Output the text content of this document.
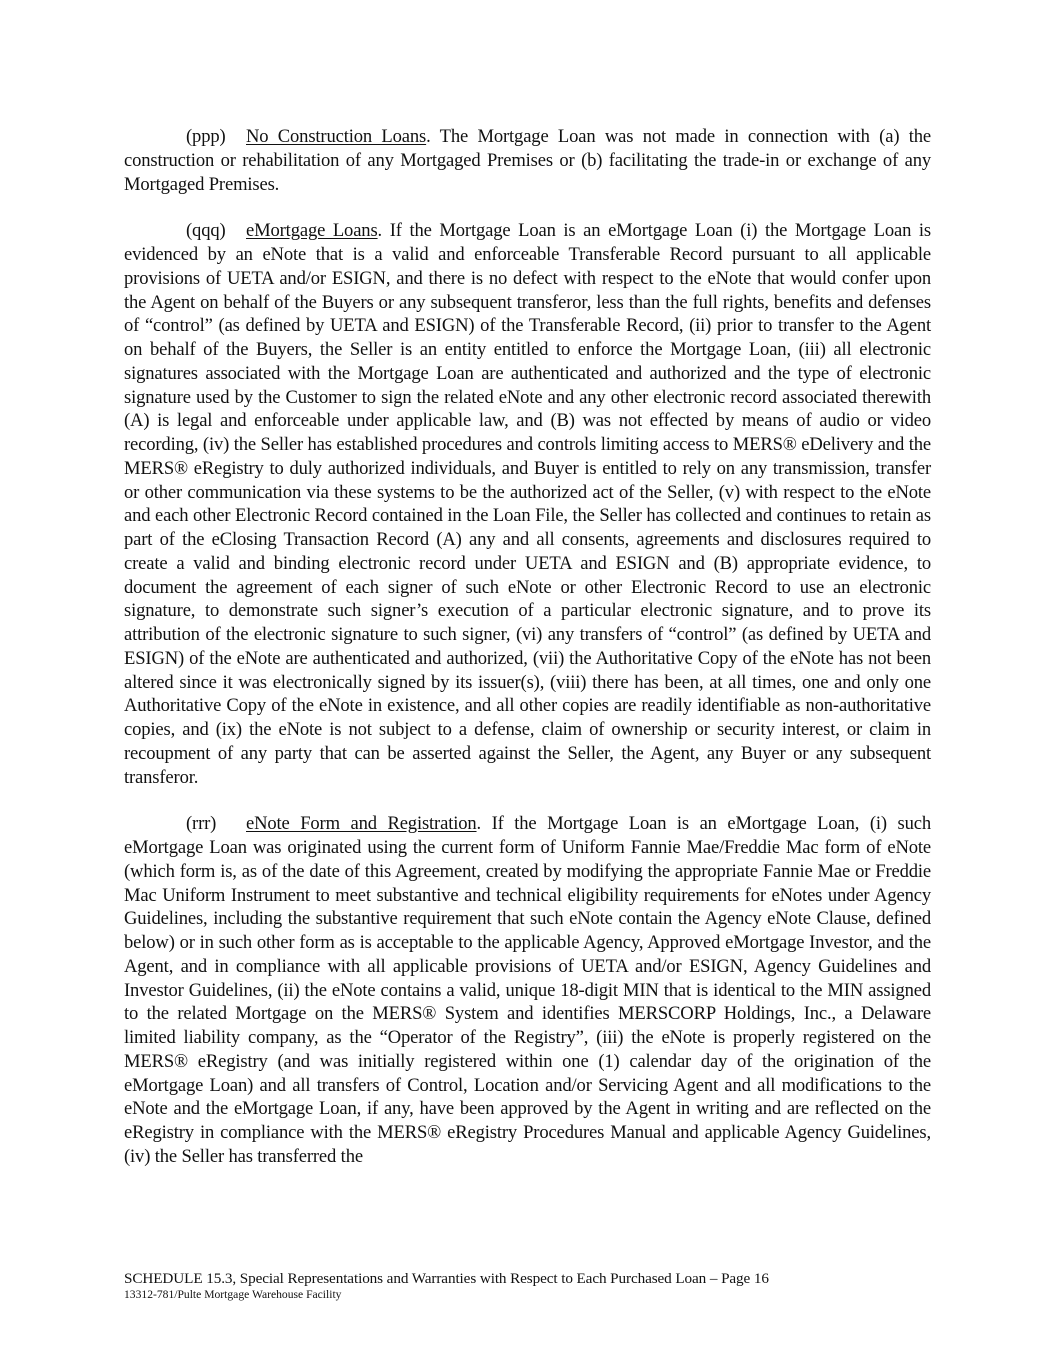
(ppp) No Construction Loans. The Mortgage Loan was not made in connection with (a) the construction or rehabilitation of any Mortgaged Premises or (b) facilitating the trade-in or exchange of any Mortgaged Premises.

(qqq) eMortgage Loans. If the Mortgage Loan is an eMortgage Loan (i) the Mortgage Loan is evidenced by an eNote that is a valid and enforceable Transferable Record pursuant to all applicable provisions of UETA and/or ESIGN, and there is no defect with respect to the eNote that would confer upon the Agent on behalf of the Buyers or any subsequent transferor, less than the full rights, benefits and defenses of “control” (as defined by UETA and ESIGN) of the Transferable Record, (ii) prior to transfer to the Agent on behalf of the Buyers, the Seller is an entity entitled to enforce the Mortgage Loan, (iii) all electronic signatures associated with the Mortgage Loan are authenticated and authorized and the type of electronic signature used by the Customer to sign the related eNote and any other electronic record associated therewith (A) is legal and enforceable under applicable law, and (B) was not effected by means of audio or video recording, (iv) the Seller has established procedures and controls limiting access to MERS® eDelivery and the MERS® eRegistry to duly authorized individuals, and Buyer is entitled to rely on any transmission, transfer or other communication via these systems to be the authorized act of the Seller, (v) with respect to the eNote and each other Electronic Record contained in the Loan File, the Seller has collected and continues to retain as part of the eClosing Transaction Record (A) any and all consents, agreements and disclosures required to create a valid and binding electronic record under UETA and ESIGN and (B) appropriate evidence, to document the agreement of each signer of such eNote or other Electronic Record to use an electronic signature, to demonstrate such signer’s execution of a particular electronic signature, and to prove its attribution of the electronic signature to such signer, (vi) any transfers of “control” (as defined by UETA and ESIGN) of the eNote are authenticated and authorized, (vii) the Authoritative Copy of the eNote has not been altered since it was electronically signed by its issuer(s), (viii) there has been, at all times, one and only one Authoritative Copy of the eNote in existence, and all other copies are readily identifiable as non-authoritative copies, and (ix) the eNote is not subject to a defense, claim of ownership or security interest, or claim in recoupment of any party that can be asserted against the Seller, the Agent, any Buyer or any subsequent transferor.

(rrr) eNote Form and Registration. If the Mortgage Loan is an eMortgage Loan, (i) such eMortgage Loan was originated using the current form of Uniform Fannie Mae/Freddie Mac form of eNote (which form is, as of the date of this Agreement, created by modifying the appropriate Fannie Mae or Freddie Mac Uniform Instrument to meet substantive and technical eligibility requirements for eNotes under Agency Guidelines, including the substantive requirement that such eNote contain the Agency eNote Clause, defined below) or in such other form as is acceptable to the applicable Agency, Approved eMortgage Investor, and the Agent, and in compliance with all applicable provisions of UETA and/or ESIGN, Agency Guidelines and Investor Guidelines, (ii) the eNote contains a valid, unique 18-digit MIN that is identical to the MIN assigned to the related Mortgage on the MERS® System and identifies MERSCORP Holdings, Inc., a Delaware limited liability company, as the “Operator of the Registry”, (iii) the eNote is properly registered on the MERS® eRegistry (and was initially registered within one (1) calendar day of the origination of the eMortgage Loan) and all transfers of Control, Location and/or Servicing Agent and all modifications to the eNote and the eMortgage Loan, if any, have been approved by the Agent in writing and are reflected on the eRegistry in compliance with the MERS® eRegistry Procedures Manual and applicable Agency Guidelines, (iv) the Seller has transferred the

SCHEDULE 15.3, Special Representations and Warranties with Respect to Each Purchased Loan – Page 16
13312-781/Pulte Mortgage Warehouse Facility
